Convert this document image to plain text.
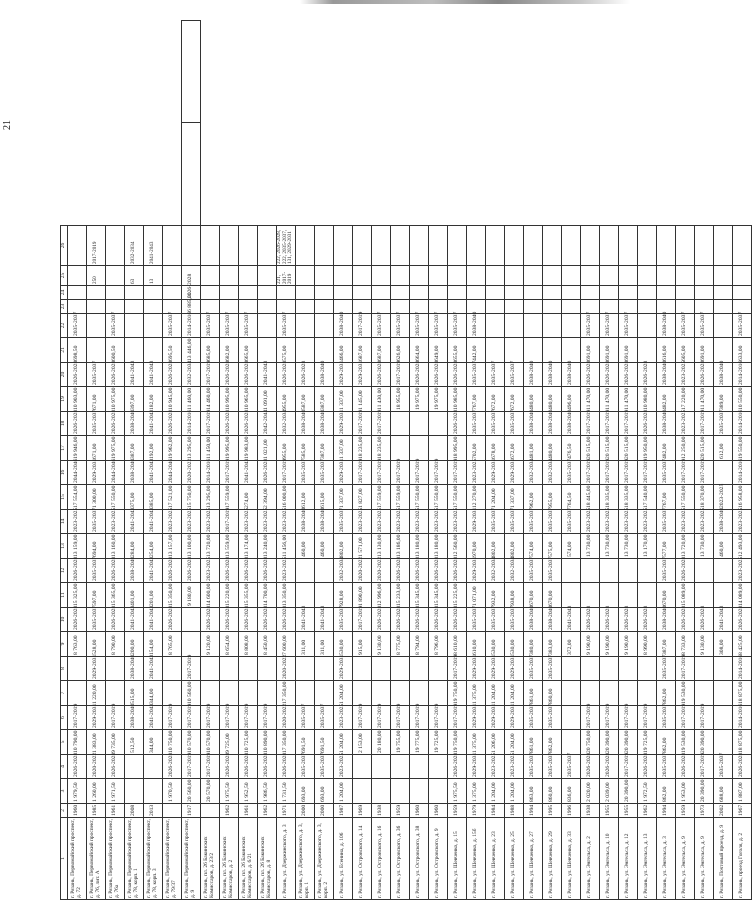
21
1	2	3	4	5	6	7	8	9	10	11	12	13	14	15	16	17	18	19	20	21	22	23	24	25	26		
г. Рязань, Первомайский проспект, д. 72	1960	1 979,50	2026-2028	10 790,00	2017-2019			8 763,00	2026-2028	15 325,00	2026-2028	13 159,00	2023-2025	17 554,00	2044-2046	19 946,00	2026-2028	10 903,00	2026-2028	698,50	2035-2037						
г. Рязань, Первомайский проспект, д. 76, лит. А	1985	1 260,00	2020-2022	1 383,00	2029-2031	1 220,00	2029-2031	528,00	2035-2037	597,00	2035-2037	694,00	2035-2037	1 300,00	2029-2031	671,00	2035-2037	671,00	2035-2037					250	2017-2019		
г. Рязань, Первомайский проспект, д. 76а	1961	1 971,50	2026-2028	9 735,00	2017-2019			8 790,00	2026-2028	15 365,00	2026-2028	13 160,00	2023-2025	17 550,00	2044-2046	19 975,00	2026-2028	10 975,00	2026-2028	600,50	2035-2037						
г. Рязань, Первомайский проспект, д. 78, корп. 1	2008			512,50	2038-2040	515,00	2038-2040	200,00	2041-2043	401,00	2038-2040	284,00	2041-2043	375,00	2038-2040	387,00	2038-2040	397,00	2041-2043					63	2032-2034		
г. Рязань, Первомайский проспект, д. 78, корп. 3	2013			344,00	2041-2043	344,00	2041-2043	154,00	2041-2043	201,00	2041-2043	254,00	2041-2043	385,00	2041-2043	192,00	2041-2043	182,00	2041-2043					13	2041-2043		
г. Рязань, Первомайский проспект, д. 79/37		1 970,50	2026-2028	10 750,00	2017-2019			8 765,00	2026-2028	15 350,00	2026-2028	13 157,00	2023-2025	17 521,00	2044-2046	19 962,00	2026-2028	10 945,00	2026-2028	695,50	2035-2037						
г. Рязань, Первомайский проспект, д. 9	1917	20 560,00	2017-2019	10 570,00	2017-2019	10 560,00	2017-2019			9 180,00	2026-2028	13 100,00	2023-2025	15 750,00	2020-2022	13 295,00	2014-2016	11 460,00	2032-2034	13 446,00	2014-2016	6 885,00	2026-2028				
г. Рязань, пл. 26 Бакинских Комиссаров, д. 23/2		20 570,00	2017-2019	10 570,00	2017-2019			9 120,00	2026-2028	14 600,00	2023-2025	13 720,00	2023-2025	13 295,00	2014-2016	11 450,00	2017-2019	14 460,00	2017-2019	685,00	2035-2037						
г. Рязань, пл. 26 Бакинских Комиссаров, д. 2	1962	1 975,50	2026-2028	9 725,00	2017-2019			8 654,00	2026-2028	15 220,00	2026-2028	13 559,00	2017-2019	17 559,00	2017-2019	19 995,00	2026-2028	10 995,00	2026-2028	682,00	2035-2037						
г. Рязань, пл. 26 Бакинских Комиссаров, д. 6/21	1961	1 952,50	2026-2028	10 725,00	2017-2019			8 808,00	2026-2028	15 355,00	2026-2028	13 174,00	2023-2025	274,00	2041-2043	19 983,00	2026-2028	10 965,00	2026-2028	665,00	2035-2037						
г. Рязань, пл. 26 Бакинских Комиссаров, д. 8	1962	1 986,50	2026-2028	10 890,00	2017-2019			8 450,00	2026-2028	14 700,00	2026-2028	13 240,00	2023-2025	2 394,00	2026-2028	1 021,00	2042-2044	1 091,00	2041-2043								
г. Рязань, ул. Дзержинского, д. 3	1971	1 731,50	2026-2028	17 350,00	2020-2022	17 350,00	2020-2022	7 600,00	2026-2028	13 350,00	2023-2025	11 456,00	2023-2025	16 000,00	2017-2019	955,00	2032-2034	955,00	2026-2028	575,00	2035-2037			221, 2017-2019	222, 2026-2028, 222, 2035-2037, 131, 2029-2031		
г. Рязань, ул. Дзержинского, д. 3, корп. 1	2000	693,00	2035-2037	691,50	2035-2037			311,00	2041-2043			460,00	2038-2040	612,00	2035-2037	585,00	2038-2040	587,00	2026-2028								
г. Рязань, ул. Дзержинского, д. 3, корп. 2	2000	693,00	2035-2037	691,50	2035-2037			311,00	2041-2043			460,00	2038-2040	615,00	2035-2037	387,00	2038-2040	387,00	2038-2040								
г. Рязань, ул. Есенина, д. 106	1987	1 204,00	2023-2025	1 204,00	2023-2025	1 204,00	2029-2031	530,00	2035-2037	928,00	2032-2034	802,00	2035-2037	1 337,00	2029-2031	1 337,00	2029-2031	1 337,00	2029-2031	466,00	2038-2040						
г. Рязань, ул. Островского, д. 14	1969			2 153,00	2017-2019			915,00	2017-2019	1 890,00	2020-2022	1 571,00	2023-2025	1 827,00	2017-2019	18 235,00	2017-2019	1 145,00	2029-2031	687,00	2017-2019						
г. Рязань, ул. Островского, д. 16	1938			20 180,00	2017-2019			9 130,00	2026-2028	12 996,00	2020-2022	13 130,00	2023-2025	17 559,00	2017-2019	18 235,00	2017-2019	11 430,00	2026-2028	687,00	2035-2037						
г. Рязань, ул. Островского, д. 36	1959			19 755,00	2017-2019			8 775,00	2026-2028	15 233,00	2026-2028	13 186,00	2023-2025	17 559,00	2017-2019			18 955,00	2017-2019	626,00	2035-2037						
г. Рязань, ул. Островского, д. 38	1960			19 775,00	2017-2019			8 794,00	2026-2028	15 345,00	2026-2028	13 180,00	2023-2025	17 550,00	2017-2019			19 975,00	2026-2028	664,00	2035-2037						
г. Рязань, ул. Островского, д. 9	1960			19 725,00	2017-2019			8 796,00	2026-2028	15 345,00	2026-2028	13 180,00	2023-2025	17 550,00	2017-2019			19 975,00	2026-2028	649,00	2035-2037						
г. Рязань, ул. Шевченко, д. 15	1959	1 975,50	2026-2028	19 750,00	2017-2019	19 750,00	2017-2019	8 610,00	2026-2028	15 225,00	2026-2028	12 560,00	2023-2025	17 550,00	2017-2019	18 995,00	2026-2028	10 985,00	2026-2028	655,00	2035-2037						
г. Рязань, ул. Шевченко, д. 15б	1979	1 375,00	2029-2031	1 375,00	2029-2031	1 375,00	2029-2031	610,00	2035-2037	1 071,00	2029-2031	970,00	2029-2031	12 270,00	2023-2025	702,00	2035-2037	767,00	2035-2037	442,00	2038-2040						
г. Рязань, ул. Шевченко, д. 23	1984	1 204,00	2023-2025	1 206,00	2029-2031	1 204,00	2029-2031	530,00	2035-2037	932,00	2032-2034	802,00	2035-2037	1 204,00	2029-2031	678,00	2035-2037	672,00	2035-2037								
г. Рязань, ул. Шевченко, д. 25	1988	1 204,00	2023-2025	1 204,00	2029-2031	1 204,00	2029-2031	530,00	2035-2037	938,00	2032-2034	802,00	2035-2037	1 337,00	2029-2031	672,00	2035-2037	672,00	2035-2037								
г. Рязань, ул. Шевченко, д. 27	1994	863,00	2035-2037	861,00	2035-2037	861,00	2035-2037	380,00	2038-2040	670,00	2035-2037	574,00	2035-2037	962,00	2032-2034	481,00	2038-2040	480,00	2038-2040								
г. Рязань, ул. Шевченко, д. 29	1995	860,00	2035-2037	862,00	2035-2037	860,00	2035-2037	383,00	2038-2040	670,00	2035-2037	575,00	2035-2037	955,00	2032-2034	480,00	2038-2040	480,00	2038-2040								
г. Рязань, ул. Шевченко, д. 33	1996	836,00	2035-2037					372,00	2041-2043			574,00	2035-2037	764,50	2035-2037	476,50	2038-2040	496,00	2038-2040								
г. Рязань, ул. Энгельса, д. 2	1938	2 020,00	2026-2028	20 750,00	2017-2019			9 190,00	2026-2028			13 730,00	2023-2025	18 445,00	2017-2019	20 515,00	2017-2019	11 470,00	2026-2028	691,00	2035-2037						
г. Рязань, ул. Энгельса, д. 10	1955	2 039,00	2026-2028	20 390,00	2017-2019			9 190,00	2026-2028			13 730,00	2023-2025	18 335,00	2017-2019	20 515,00	2017-2019	11 470,00	2026-2028	691,00	2035-2037						
г. Рязань, ул. Энгельса, д. 12	1955	20 390,00	2017-2019	20 390,00	2017-2019			9 190,00	2026-2028			13 730,00	2023-2025	18 335,00	2017-2019	20 515,00	2017-2019	11 470,00	2026-2028	691,00	2035-2037						
г. Рязань, ул. Энгельса, д. 13	1962	1 972,50	2026-2028	19 725,00	2017-2019			8 990,00	2026-2028			13 170,00	2023-2025	17 540,00	2017-2019	19 950,00	2026-2028	10 980,00	2026-2028								
г. Рязань, ул. Энгельса, д. 3	1994	862,00	2035-2037	862,00	2035-2037	862,00	2035-2037	387,00	2038-2040	670,00	2035-2037	577,00	2035-2037	767,00	2035-2037	482,00	2038-2040	482,00	2038-2040	616,00	2038-2040						
г. Рязань, ул. Энгельса, д. 9	1959	1 953,00	2026-2028	19 530,00	2017-2019	19 530,00	2017-2019	8 733,00	2026-2028	15 089,00	2026-2028	13 720,00	2023-2025	17 550,00	2017-2019	12 250,00	2023-2025	17 220,00	2023-2025	605,00	2035-2037						
г. Рязань, ул. Энгельса, д. 9	1973	20 390,00	2017-2019	20 390,00	2017-2019			9 130,00	2026-2028			13 730,00	2023-2025	18 370,00	2017-2019	20 515,00	2017-2019	11 470,00	2026-2028	691,00	2035-2037						
г. Рязань, Почтовый проезд, д. 9	2002	688,00	2035-2037					308,00	2041-2043			460,00	2038-2040	2023-2025		612,00	2035-2037	389,00	2038-2040								
г. Рязань, проезд Гоголя, д. 2	1967	1 887,00	2026-2028	18 875,00	2014-2016	18 875,00	2014-2016	8 425,00	2026-2028	14 089,00	2023-2025	12 493,00	2023-2025	16 958,00	2014-2016	19 550,00	2014-2016	10 550,00	2014-2016	633,00	2035-2037						
